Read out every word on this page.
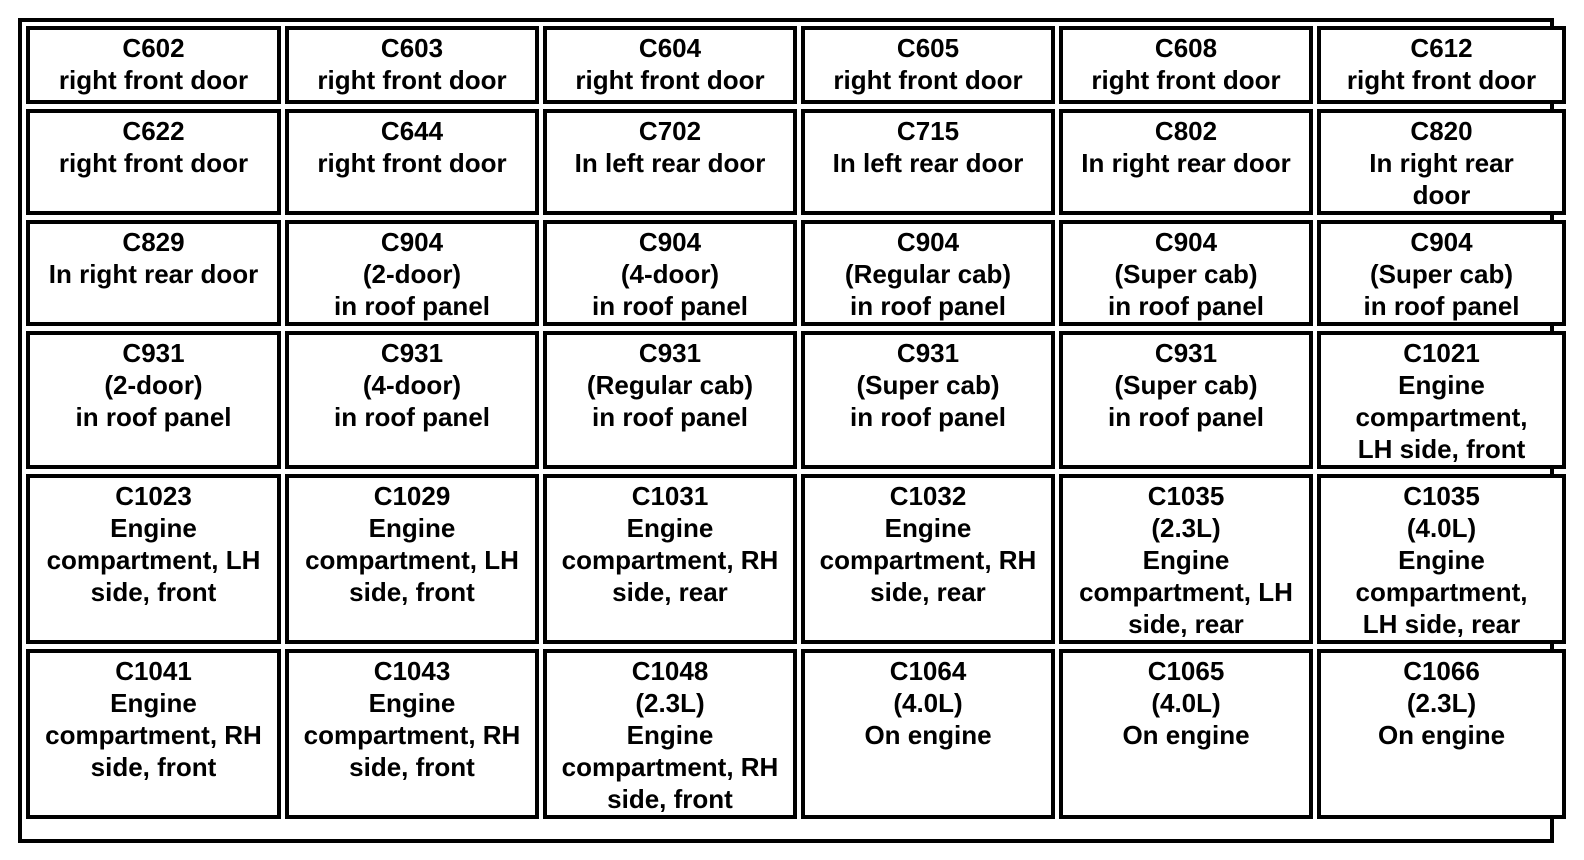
C602
right front door
C603
right front door
C604
right front door
C605
right front door
C608
right front door
C612
right front door
C622
right front door
C644
right front door
C702
In left rear door
C715
In left rear door
C802
In right rear door
C820
In right rear
door
C829
In right rear door
C904
(2-door)
in roof panel
C904
(4-door)
in roof panel
C904
(Regular cab)
in roof panel
C904
(Super cab)
in roof panel
C904
(Super cab)
in roof panel
C931
(2-door)
in roof panel
C931
(4-door)
in roof panel
C931
(Regular cab)
in roof panel
C931
(Super cab)
in roof panel
C931
(Super cab)
in roof panel
C1021
Engine
compartment,
LH side, front
C1023
Engine
compartment, LH
side, front
C1029
Engine
compartment, LH
side, front
C1031
Engine
compartment, RH
side, rear
C1032
Engine
compartment, RH
side, rear
C1035
(2.3L)
Engine
compartment, LH
side, rear
C1035
(4.0L)
Engine
compartment,
LH side, rear
C1041
Engine
compartment, RH
side, front
C1043
Engine
compartment, RH
side, front
C1048
(2.3L)
Engine
compartment, RH
side, front
C1064
(4.0L)
On engine
C1065
(4.0L)
On engine
C1066
(2.3L)
On engine
